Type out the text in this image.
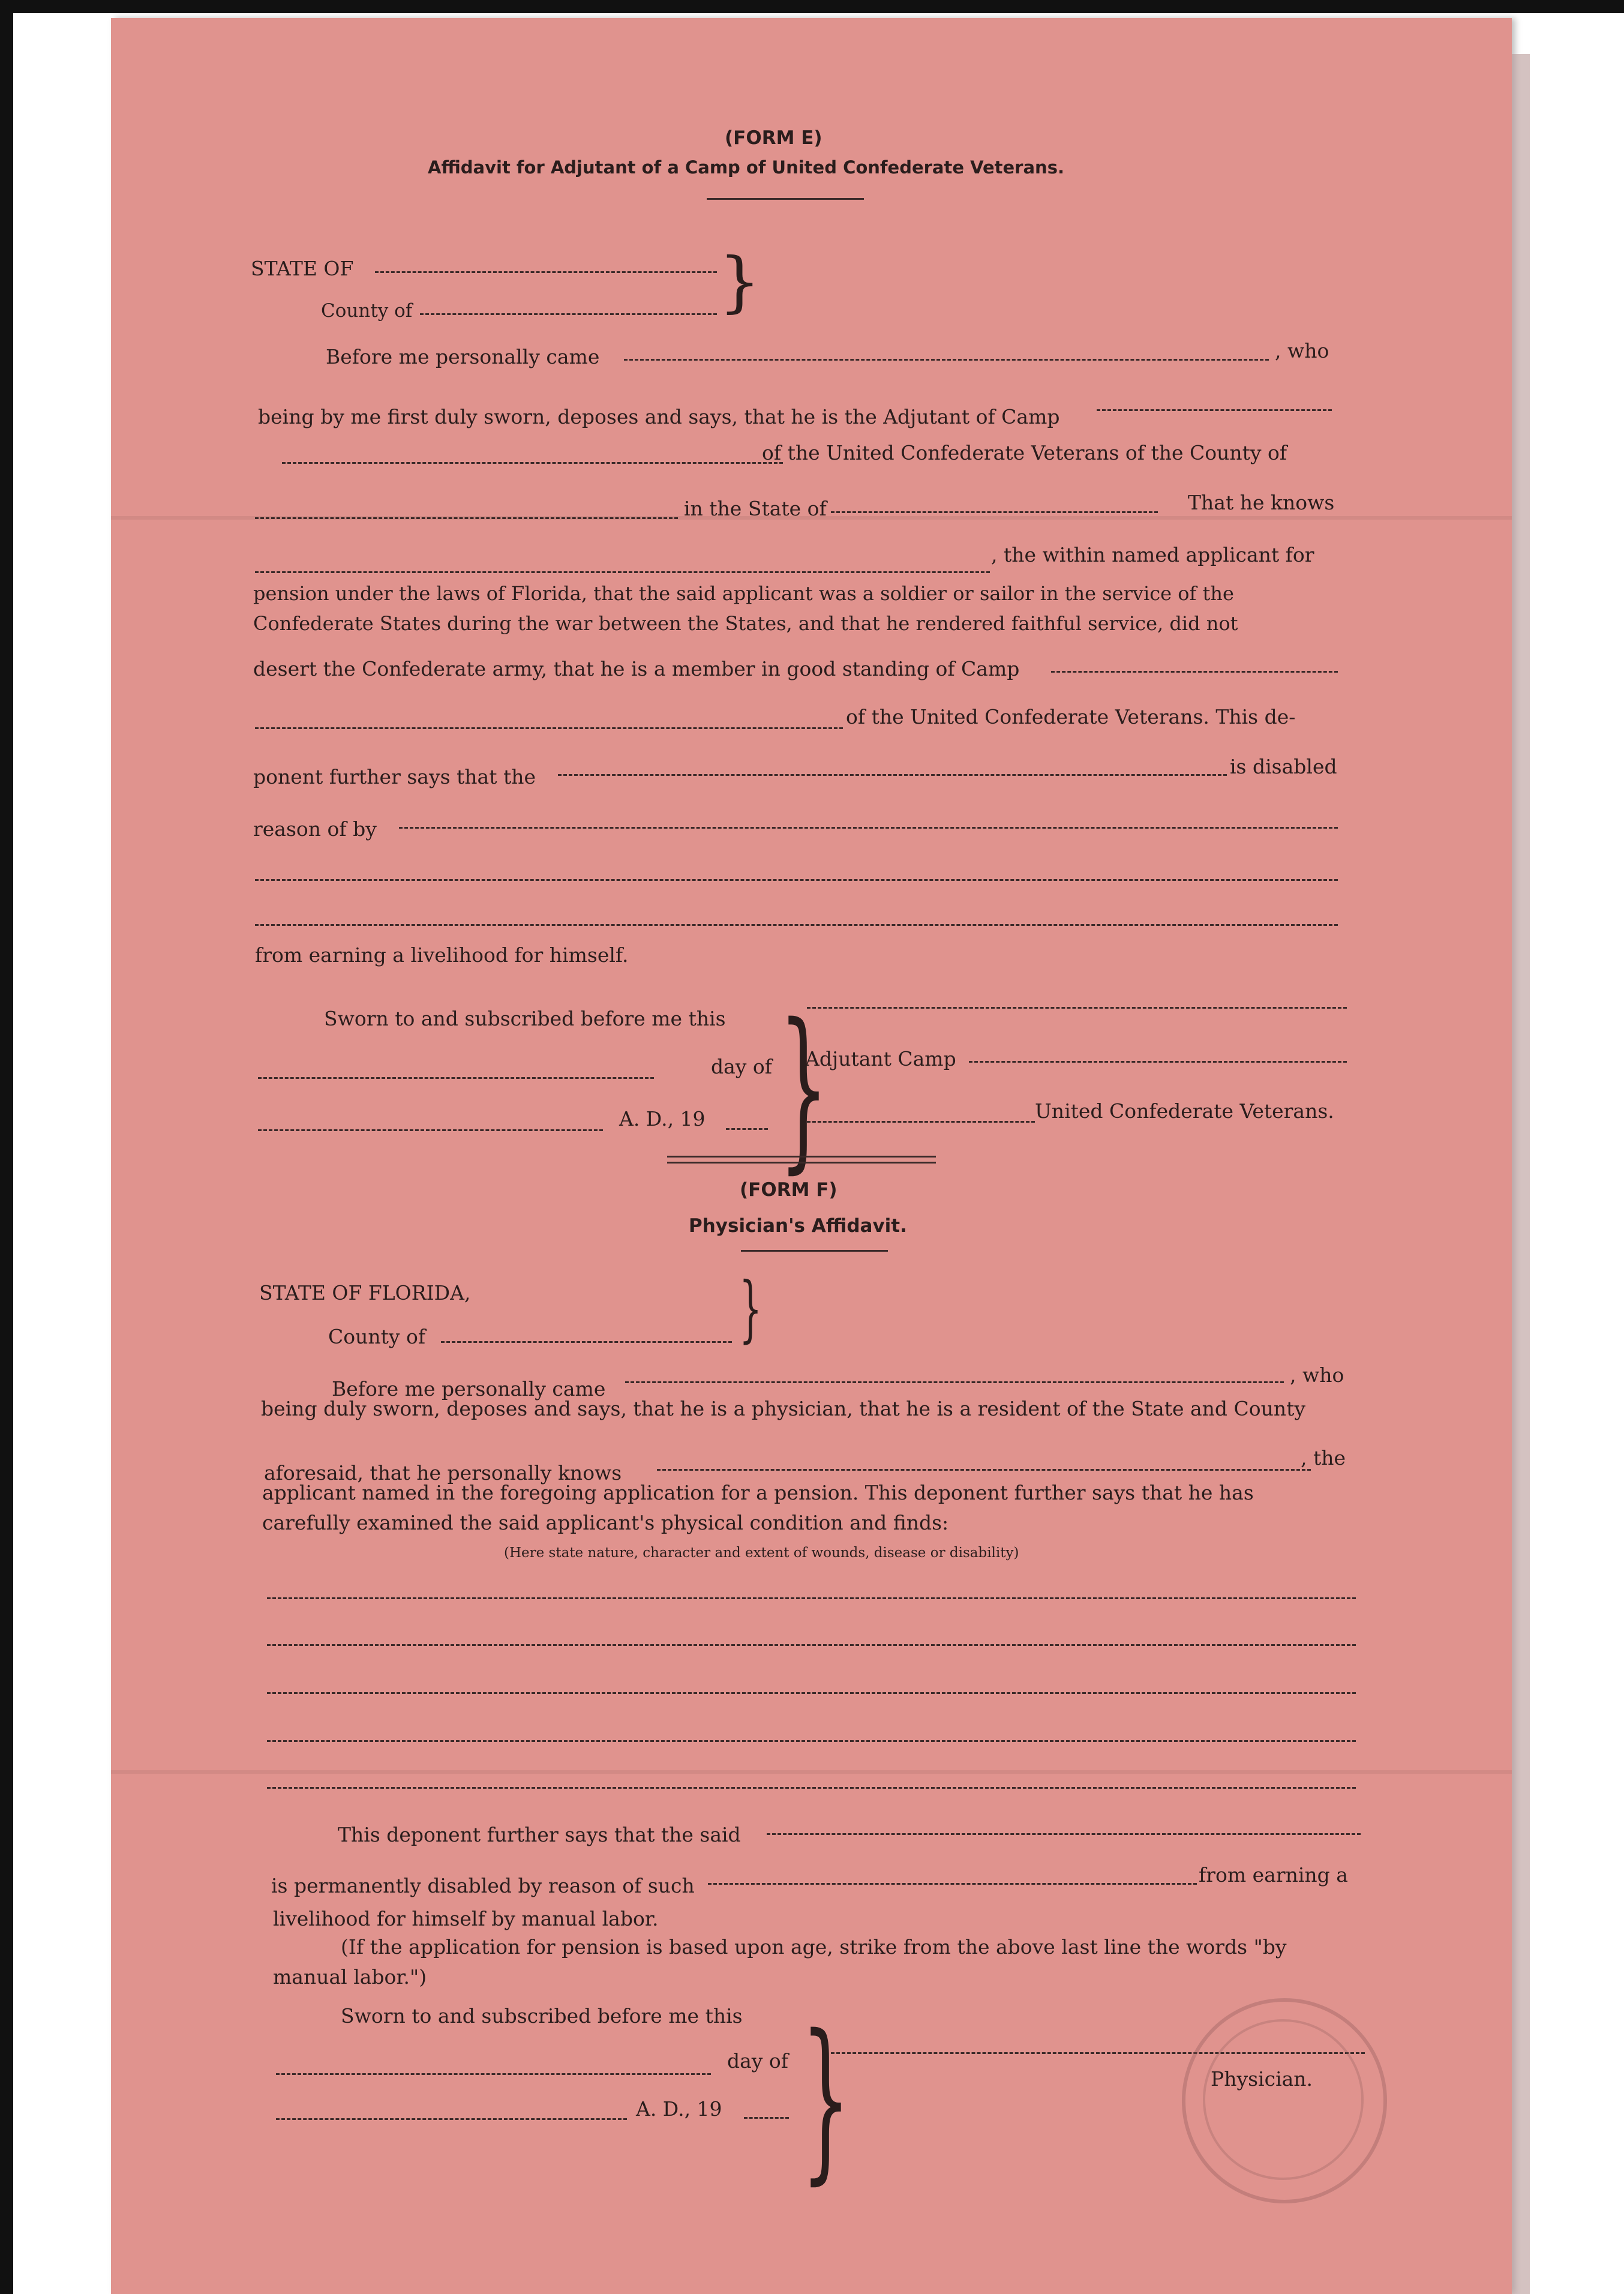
(FORM E)
Affidavit for Adjutant of a Camp of United Confederate Veterans.
STATE OF
County of	}
Before me personally came	, who
being by me first duly sworn, deposes and says, that he is the Adjutant of Camp
of the United Confederate Veterans of the County of
in the State of	That he knows
, the within named applicant for
pension under the laws of Florida, that the said applicant was a soldier or sailor in the service of the
Confederate States during the war between the States, and that he rendered faithful service, did not
desert the Confederate army, that he is a member in good standing of Camp
of the United Confederate Veterans. This de-
ponent further says that the	is disabled
reason of by
from earning a livelihood for himself.
Sworn to and subscribed before me this
day of Adjutant Camp
A. D., 19	United Confederate Veterans.
}
(FORM F)
Physician's Affidavit.
STATE OF FLORIDA,
County of	}
Before me personally came
, who
being duly sworn, deposes and says, that he is a physician, that he is a resident of the State and County
aforesaid, that he personally knows
, the
applicant named in the foregoing application for a pension. This deponent further says that he has
carefully examined the said applicant's physical condition and finds:
(Here state nature, character and extent of wounds, disease or disability)
This deponent further says that the said
is permanently disabled by reason of such	from earning a
livelihood for himself by manual labor.
(If the application for pension is based upon age, strike from the above last line the words "by
manual labor.")
Sworn to and subscribed before me this
day of
A. D., 19 }	Physician.
